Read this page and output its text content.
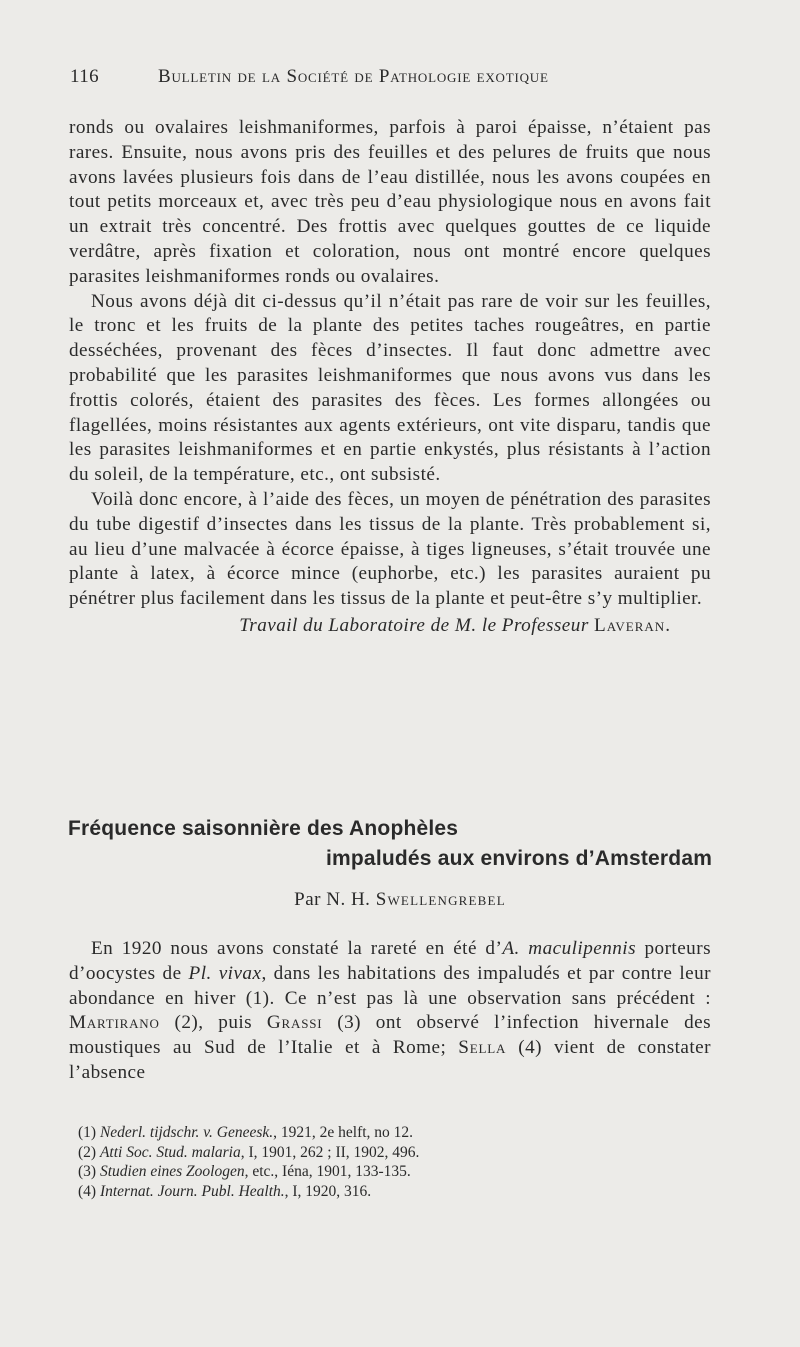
116	Bulletin de la Société de Pathologie exotique

ronds ou ovalaires leishmaniformes, parfois à paroi épaisse, n’étaient pas rares. Ensuite, nous avons pris des feuilles et des pelures de fruits que nous avons lavées plusieurs fois dans de l’eau distillée, nous les avons coupées en tout petits morceaux et, avec très peu d’eau physiologique nous en avons fait un extrait très concentré. Des frottis avec quelques gouttes de ce liquide verdâtre, après fixation et coloration, nous ont montré encore quelques parasites leishmaniformes ronds ou ovalaires.

Nous avons déjà dit ci-dessus qu’il n’était pas rare de voir sur les feuilles, le tronc et les fruits de la plante des petites taches rougeâtres, en partie desséchées, provenant des fèces d’insectes. Il faut donc admettre avec probabilité que les parasites leishmaniformes que nous avons vus dans les frottis colorés, étaient des parasites des fèces. Les formes allongées ou flagellées, moins résistantes aux agents extérieurs, ont vite disparu, tandis que les parasites leishmaniformes et en partie enkystés, plus résistants à l’action du soleil, de la température, etc., ont subsisté.

Voilà donc encore, à l’aide des fèces, un moyen de pénétration des parasites du tube digestif d’insectes dans les tissus de la plante. Très probablement si, au lieu d’une malvacée à écorce épaisse, à tiges ligneuses, s’était trouvée une plante à latex, à écorce mince (euphorbe, etc.) les parasites auraient pu pénétrer plus facilement dans les tissus de la plante et peut-être s’y multiplier.

Travail du Laboratoire de M. le Professeur Laveran.
Fréquence saisonnière des Anophèles
impaludés aux environs d’Amsterdam
Par N. H. Swellengrebel

En 1920 nous avons constaté la rareté en été d’A. maculipennis porteurs d’oocystes de Pl. vivax, dans les habitations des impaludés et par contre leur abondance en hiver (1). Ce n’est pas là une observation sans précédent : Martirano (2), puis Grassi (3) ont observé l’infection hivernale des moustiques au Sud de l’Italie et à Rome; Sella (4) vient de constater l’absence

(1) Nederl. tijdschr. v. Geneesk., 1921, 2e helft, no 12.

(2) Atti Soc. Stud. malaria, I, 1901, 262 ; II, 1902, 496.

(3) Studien eines Zoologen, etc., Iéna, 1901, 133-135.

(4) Internat. Journ. Publ. Health., I, 1920, 316.
